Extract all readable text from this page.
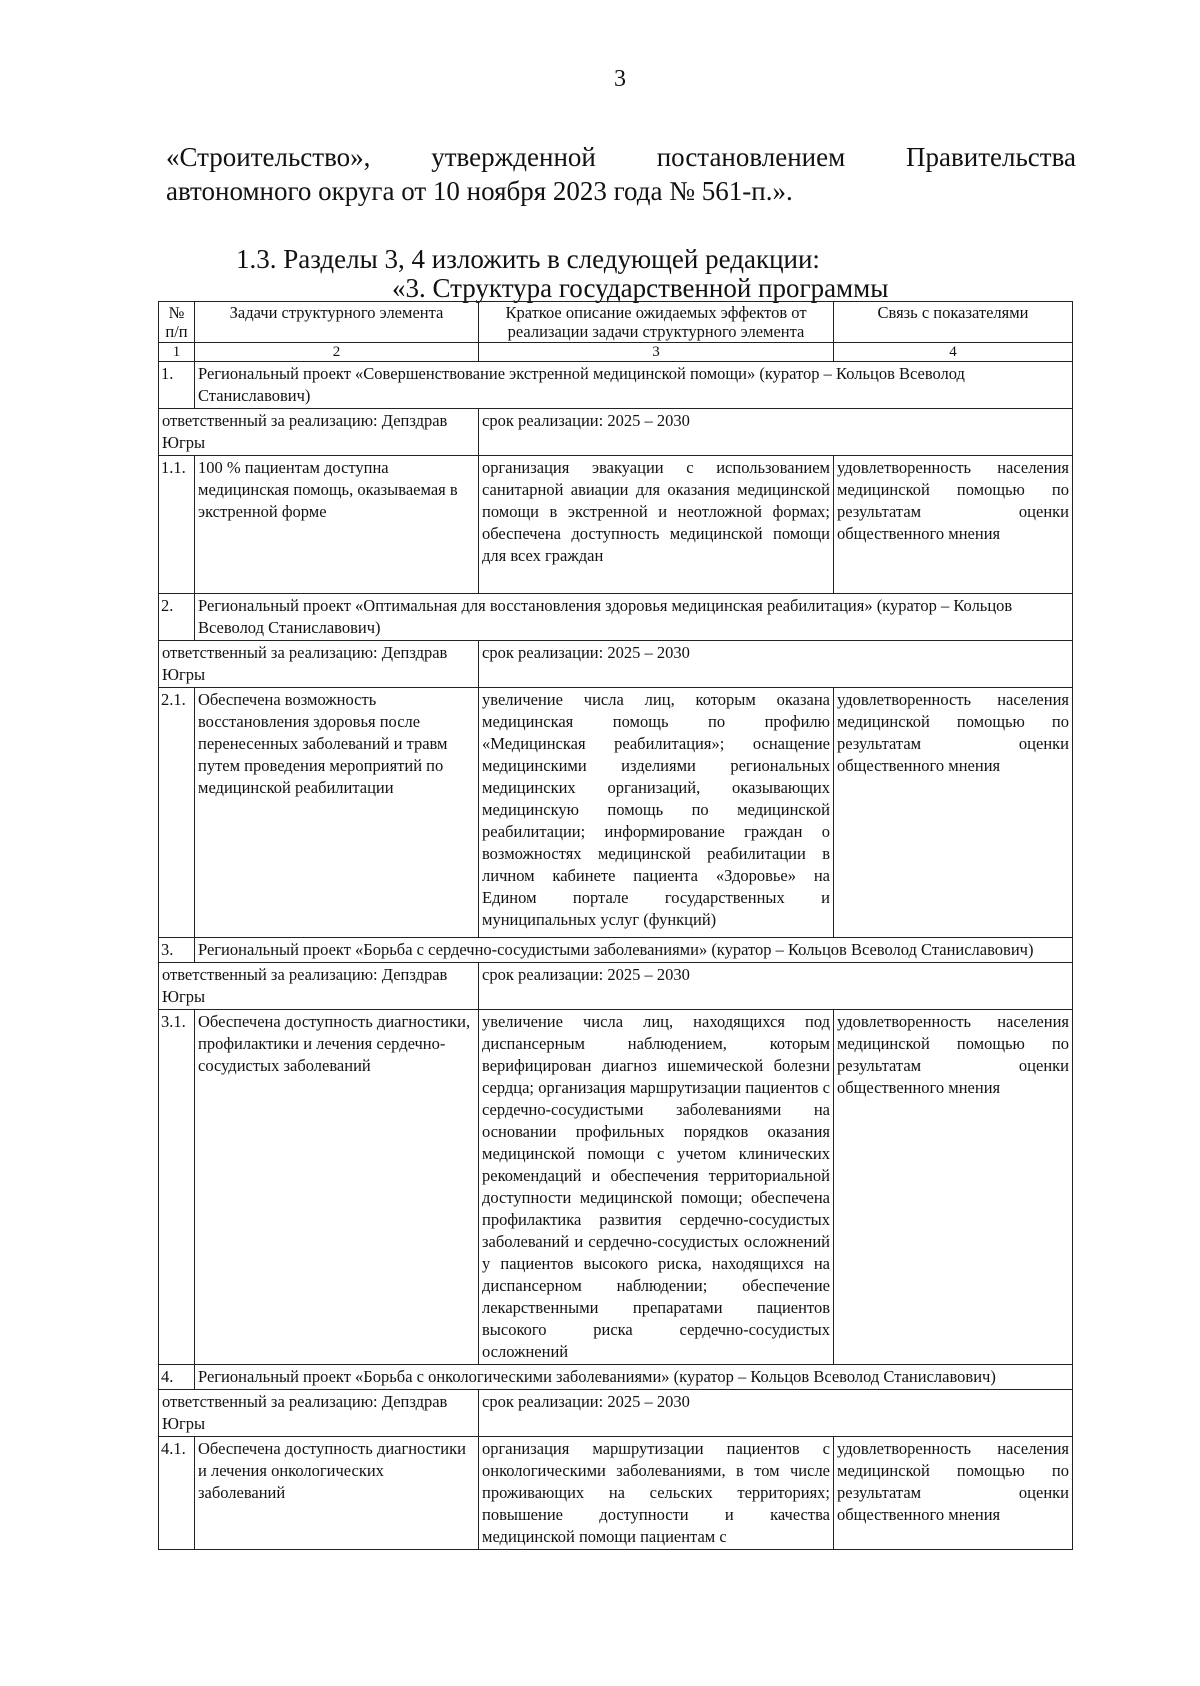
3
«Строительство», утвержденной постановлением Правительства
автономного округа от 10 ноября 2023 года № 561-п.».
1.3. Разделы 3, 4 изложить в следующей редакции:
«3. Структура государственной программы
№ п/п	Задачи структурного элемента	Краткое описание ожидаемых эффектов от реализации задачи структурного элемента	Связь с показателями
1	2	3	4
1.	Региональный проект «Совершенствование экстренной медицинской помощи» (куратор – Кольцов Всеволод Станиславович)		
ответственный за реализацию: Депздрав Югры		срок реализации: 2025 – 2030	
1.1.	100 % пациентам доступна медицинская помощь, оказываемая в экстренной форме	организация эвакуации с использованием санитарной авиации для оказания медицинской помощи в экстренной и неотложной формах; обеспечена доступность медицинской помощи для всех граждан	удовлетворенность населения медицинской помощью по результатам оценки общественного мнения
2.	Региональный проект «Оптимальная для восстановления здоровья медицинская реабилитация» (куратор – Кольцов Всеволод Станиславович)		
ответственный за реализацию: Депздрав Югры		срок реализации: 2025 – 2030	
2.1.	Обеспечена возможность восстановления здоровья после перенесенных заболеваний и травм путем проведения мероприятий по медицинской реабилитации	увеличение числа лиц, которым оказана медицинская помощь по профилю «Медицинская реабилитация»; оснащение медицинскими изделиями региональных медицинских организаций, оказывающих медицинскую помощь по медицинской реабилитации; информирование граждан о возможностях медицинской реабилитации в личном кабинете пациента «Здоровье» на Едином портале государственных и муниципальных услуг (функций)	удовлетворенность населения медицинской помощью по результатам оценки общественного мнения
3.	Региональный проект «Борьба с сердечно-сосудистыми заболеваниями» (куратор – Кольцов Всеволод Станиславович)		
ответственный за реализацию: Депздрав Югры		срок реализации: 2025 – 2030	
3.1.	Обеспечена доступность диагностики, профилактики и лечения сердечно-сосудистых заболеваний	увеличение числа лиц, находящихся под диспансерным наблюдением, которым верифицирован диагноз ишемической болезни сердца; организация маршрутизации пациентов с сердечно-сосудистыми заболеваниями на основании профильных порядков оказания медицинской помощи с учетом клинических рекомендаций и обеспечения территориальной доступности медицинской помощи; обеспечена профилактика развития сердечно-сосудистых заболеваний и сердечно-сосудистых осложнений у пациентов высокого риска, находящихся на диспансерном наблюдении; обеспечение лекарственными препаратами пациентов высокого риска сердечно-сосудистых осложнений	удовлетворенность населения медицинской помощью по результатам оценки общественного мнения
4.	Региональный проект «Борьба с онкологическими заболеваниями» (куратор – Кольцов Всеволод Станиславович)		
ответственный за реализацию: Депздрав Югры		срок реализации: 2025 – 2030	
4.1.	Обеспечена доступность диагностики и лечения онкологических заболеваний	организация маршрутизации пациентов с онкологическими заболеваниями, в том числе проживающих на сельских территориях; повышение доступности и качества медицинской помощи пациентам с	удовлетворенность населения медицинской помощью по результатам оценки общественного мнения
